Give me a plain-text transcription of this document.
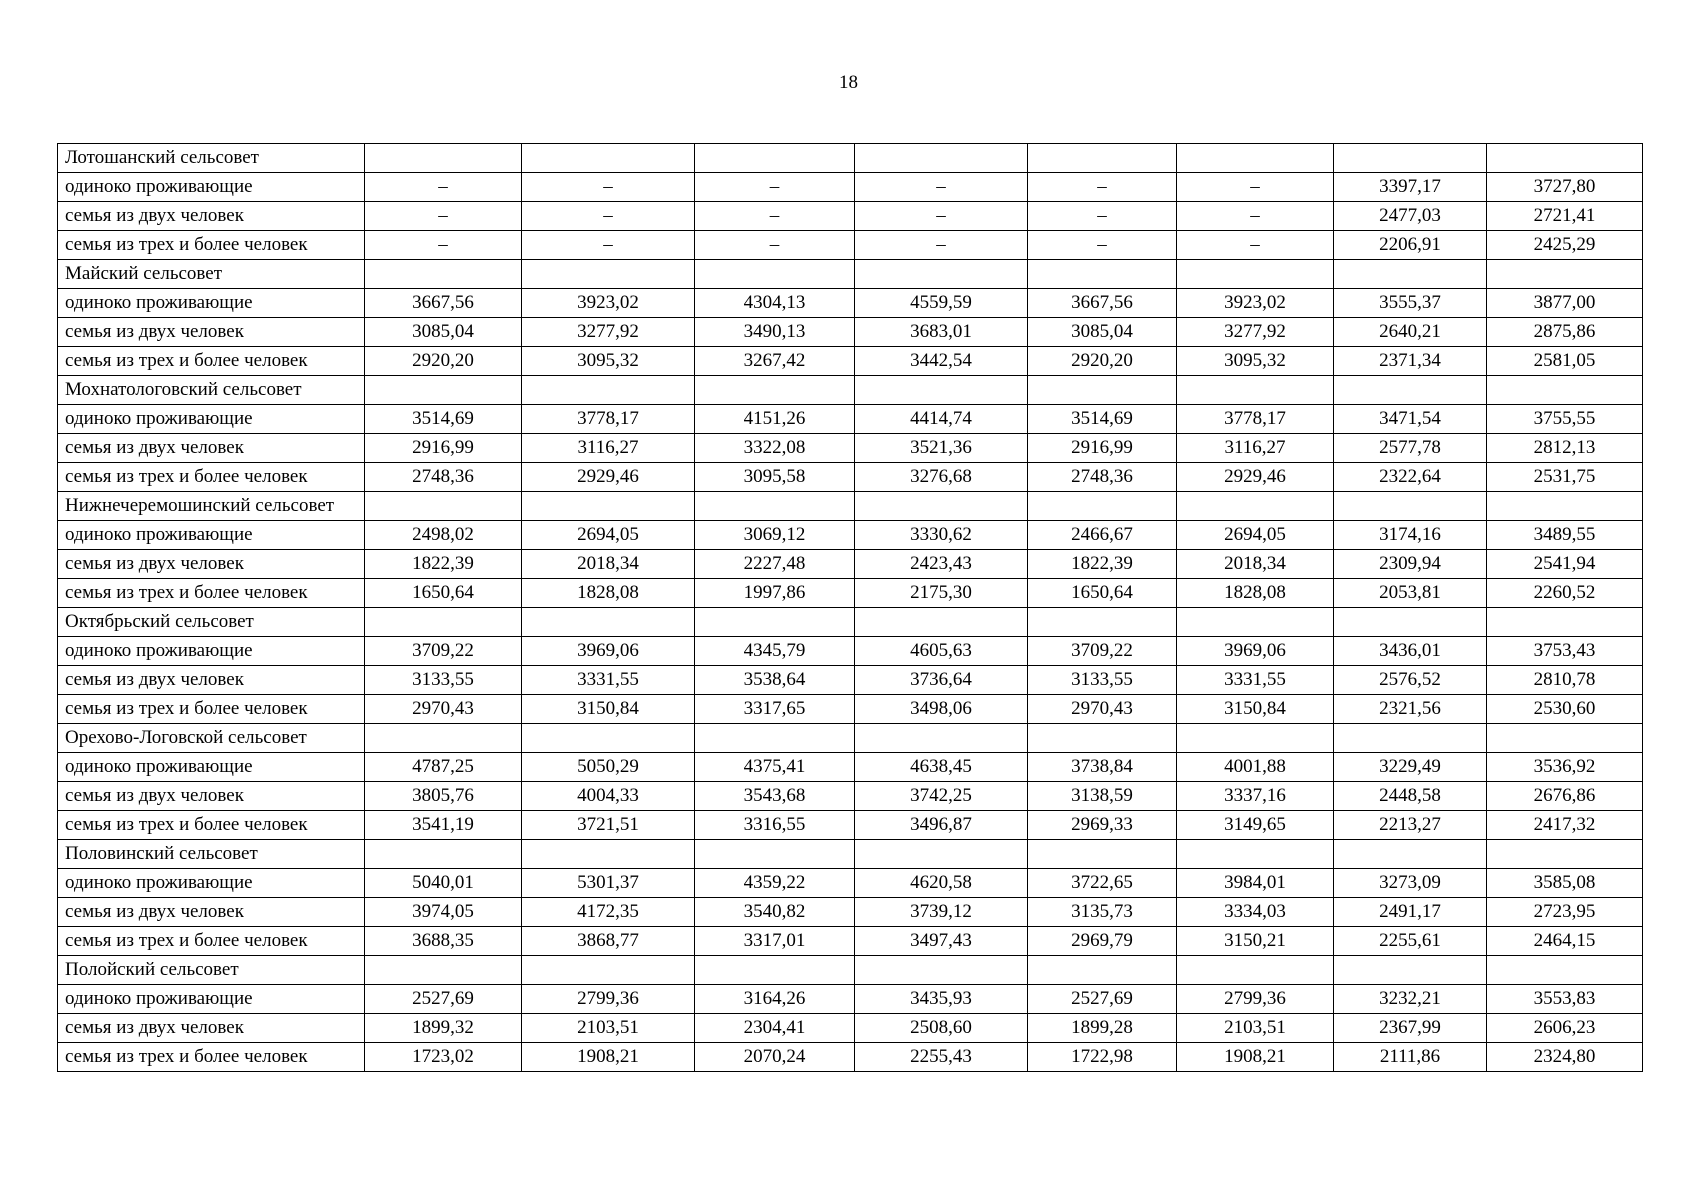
18
Лотошанский сельсовет								
одиноко проживающие	–	–	–	–	–	–	3397,17	3727,80
семья из двух человек	–	–	–	–	–	–	2477,03	2721,41
семья из трех и более человек	–	–	–	–	–	–	2206,91	2425,29
Майский сельсовет								
одиноко проживающие	3667,56	3923,02	4304,13	4559,59	3667,56	3923,02	3555,37	3877,00
семья из двух человек	3085,04	3277,92	3490,13	3683,01	3085,04	3277,92	2640,21	2875,86
семья из трех и более человек	2920,20	3095,32	3267,42	3442,54	2920,20	3095,32	2371,34	2581,05
Мохнатологовский сельсовет								
одиноко проживающие	3514,69	3778,17	4151,26	4414,74	3514,69	3778,17	3471,54	3755,55
семья из двух человек	2916,99	3116,27	3322,08	3521,36	2916,99	3116,27	2577,78	2812,13
семья из трех и более человек	2748,36	2929,46	3095,58	3276,68	2748,36	2929,46	2322,64	2531,75
Нижнечеремошинский сельсовет								
одиноко проживающие	2498,02	2694,05	3069,12	3330,62	2466,67	2694,05	3174,16	3489,55
семья из двух человек	1822,39	2018,34	2227,48	2423,43	1822,39	2018,34	2309,94	2541,94
семья из трех и более человек	1650,64	1828,08	1997,86	2175,30	1650,64	1828,08	2053,81	2260,52
Октябрьский сельсовет								
одиноко проживающие	3709,22	3969,06	4345,79	4605,63	3709,22	3969,06	3436,01	3753,43
семья из двух человек	3133,55	3331,55	3538,64	3736,64	3133,55	3331,55	2576,52	2810,78
семья из трех и более человек	2970,43	3150,84	3317,65	3498,06	2970,43	3150,84	2321,56	2530,60
Орехово-Логовской сельсовет								
одиноко проживающие	4787,25	5050,29	4375,41	4638,45	3738,84	4001,88	3229,49	3536,92
семья из двух человек	3805,76	4004,33	3543,68	3742,25	3138,59	3337,16	2448,58	2676,86
семья из трех и более человек	3541,19	3721,51	3316,55	3496,87	2969,33	3149,65	2213,27	2417,32
Половинский сельсовет								
одиноко проживающие	5040,01	5301,37	4359,22	4620,58	3722,65	3984,01	3273,09	3585,08
семья из двух человек	3974,05	4172,35	3540,82	3739,12	3135,73	3334,03	2491,17	2723,95
семья из трех и более человек	3688,35	3868,77	3317,01	3497,43	2969,79	3150,21	2255,61	2464,15
Полойский сельсовет								
одиноко проживающие	2527,69	2799,36	3164,26	3435,93	2527,69	2799,36	3232,21	3553,83
семья из двух человек	1899,32	2103,51	2304,41	2508,60	1899,28	2103,51	2367,99	2606,23
семья из трех и более человек	1723,02	1908,21	2070,24	2255,43	1722,98	1908,21	2111,86	2324,80
